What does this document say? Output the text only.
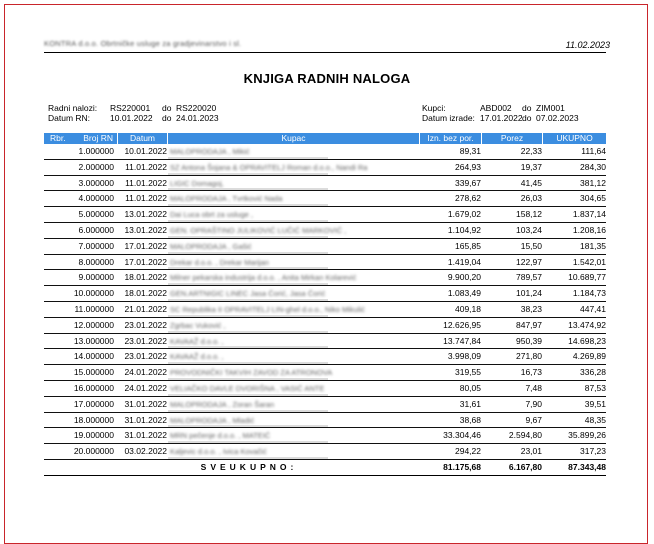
KONTRA d.o.o. Obrtničke usluge za gradjevinarstvo i sl.	11.02.2023
KNJIGA RADNIH NALOGA
Radni nalozi:	RS220001	do RS220020
Datum RN:	10.01.2022	do 24.01.2023
Kupci:	ABD002	do ZIM001
Datum izrade: 17.01.2022 do 07.02.2023
Rbr. Broj RN	Datum	Kupac	Izn. bez por.	Porez	UKUPNO
1.000000	10.01.2022 MALOPRODAJA , Mikić	89,31	22,33	111,64
2.000000	11.01.2022 SZ Antona Šojana & OPRAVITELJ Roman d.o.o., Nandi Ra	264,93	19,37	284,30
3.000000	11.01.2022 LIGIC Domagoj,	339,67	41,45	381,12
4.000000	11.01.2022 MALOPRODAJA , Tvrtković Nada	278,62	26,03	304,65
5.000000	13.01.2022 Dai Luca obrt za usluge ,	1.679,02	158,12	1.837,14
6.000000	13.01.2022 GEN. OPRAŠTINO JULIKOVIĆ LUČIĆ MARKOVIĆ ,	1.104,92	103,24	1.208,16
7.000000	17.01.2022 MALOPRODAJA , Gašić	165,85	15,50	181,35
8.000000	17.01.2022 Drekar d.o.o. , Drekar Marijan	1.419,04	122,97	1.542,01
9.000000	18.01.2022 Milner pekarska industrija d.o.o. , Anita Mirkan Kolarević	9.900,20	789,57	10.689,77
10.000000	18.01.2022 GEN.ARTNIGIC LINEC Jasa Ćorić, Jasa Ćorić	1.083,49	101,24	1.184,73
11.000000	21.01.2022 SC Republika II OPRAVITELJ LIN-ghel d.o.o., Niko Mikulić	409,18	38,23	447,41
12.000000	23.01.2022 Zgrbac Vuković ,	12.626,95	847,97	13.474,92
13.000000	23.01.2022 KAVAAŽ d.o.o. ,	13.747,84	950,39	14.698,23
14.000000	23.01.2022 KAVAAŽ d.o.o. ,	3.998,09	271,80	4.269,89
15.000000	24.01.2022 PROVODNIČKI TAKVIH ZAVOD ZA ATRONOVA	319,55	16,73	336,28
16.000000	24.01.2022 VELIAČKO DAVLE DVORIŠNA , VASIĆ ANTE	80,05	7,48	87,53
17.000000	31.01.2022 MALOPRODAJA , Zoran Šaran	31,61	7,90	39,51
18.000000	31.01.2022 MALOPRODAJA , Mladić	38,68	9,67	48,35
19.000000	31.01.2022 MRN pečenje d.o.o. , MATEIĆ	33.304,46	2.594,80	35.899,26
20.000000	03.02.2022 Kaljevic d.o.o. , Ivica Kovačić	294,22	23,01	317,23
SVEUKUPNO:	81.175,68	6.167,80	87.343,48
